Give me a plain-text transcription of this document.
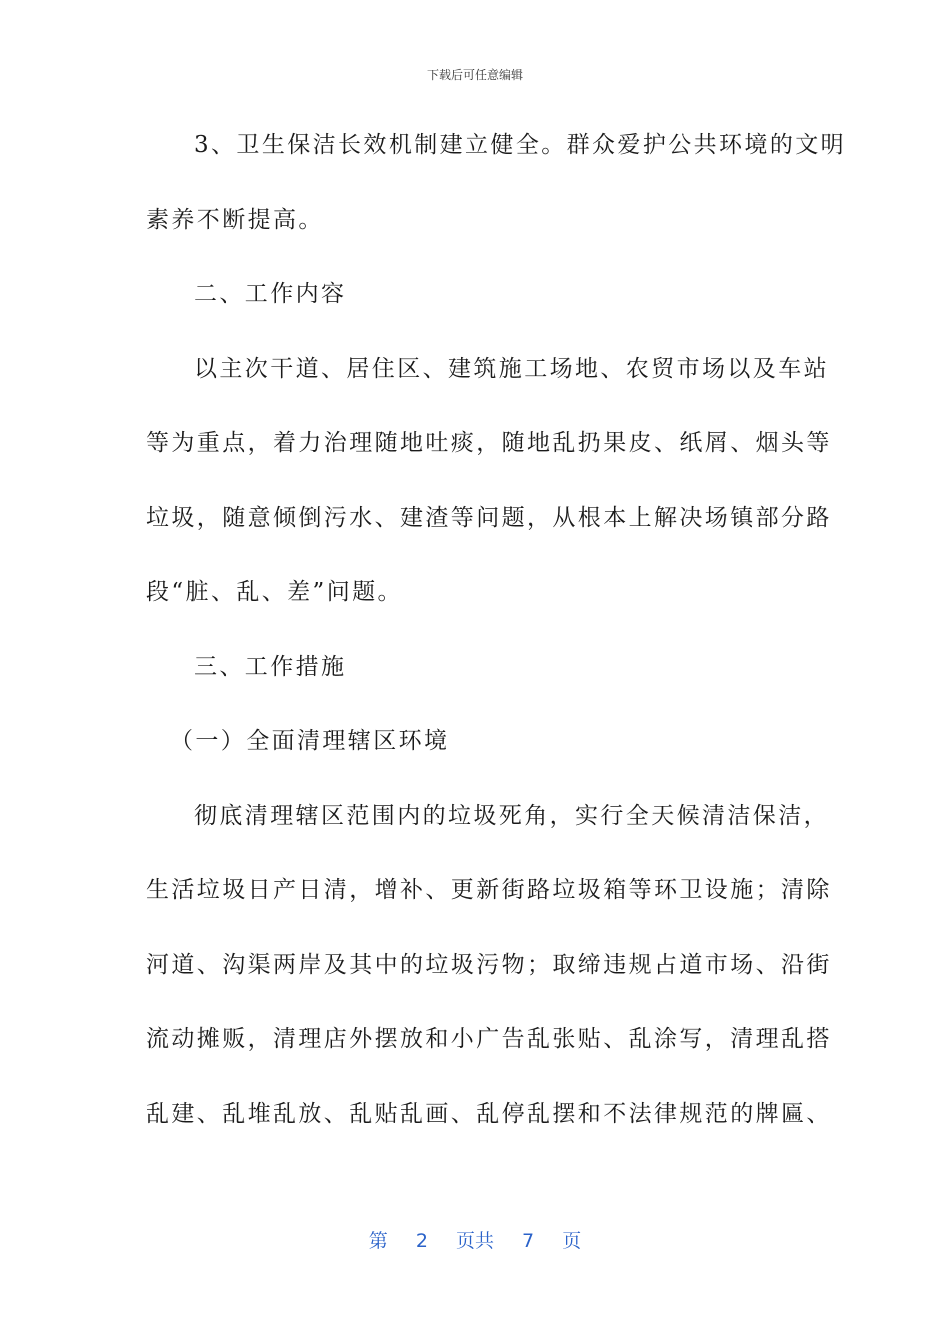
下载后可任意编辑
3、卫生保洁长效机制建立健全。群众爱护公共环境的文明
素养不断提高。
二、工作内容
以主次干道、居住区、建筑施工场地、农贸市场以及车站
等为重点，着力治理随地吐痰，随地乱扔果皮、纸屑、烟头等
垃圾，随意倾倒污水、建渣等问题，从根本上解决场镇部分路
段“脏、乱、差”问题。
三、工作措施
（一）全面清理辖区环境
彻底清理辖区范围内的垃圾死角，实行全天候清洁保洁，
生活垃圾日产日清，增补、更新街路垃圾箱等环卫设施；清除
河道、沟渠两岸及其中的垃圾污物；取缔违规占道市场、沿街
流动摊贩，清理店外摆放和小广告乱张贴、乱涂写，清理乱搭
乱建、乱堆乱放、乱贴乱画、乱停乱摆和不法律规范的牌匾、
第 2 页共 7 页
